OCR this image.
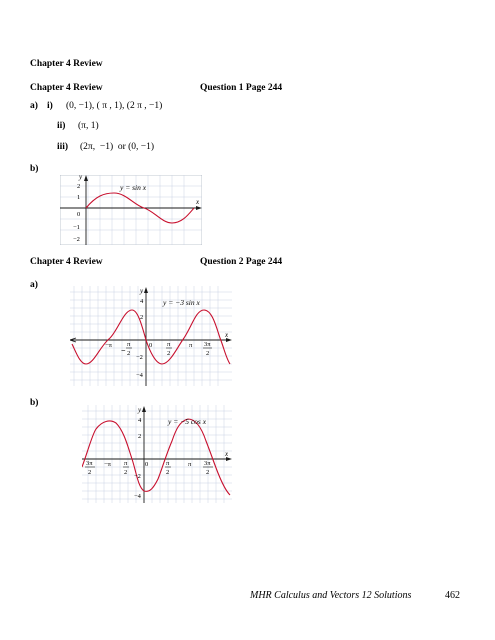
Chapter 4 Review
Chapter 4 Review	Question 1 Page 244
a) i) (0, −1), ( π , 1), (2 π , −1)
ii) (π, 1)
iii) (2π,  −1)  or (0, −1)
b)
y
x
y = sin x
2
1
0
−1
−2
Chapter 4 Review	Question 2 Page 244
a)
y
x
y = −3 sin x
4
2
0
−2
−4
−π
−
π
2
π
2
π 3π
2
b)
y
x
y = −5 cos x
4
2
0
−2
−4
3π
2
−π π
2
π
2
π 3π
2
MHR Calculus and Vectors 12 Solutions	462
